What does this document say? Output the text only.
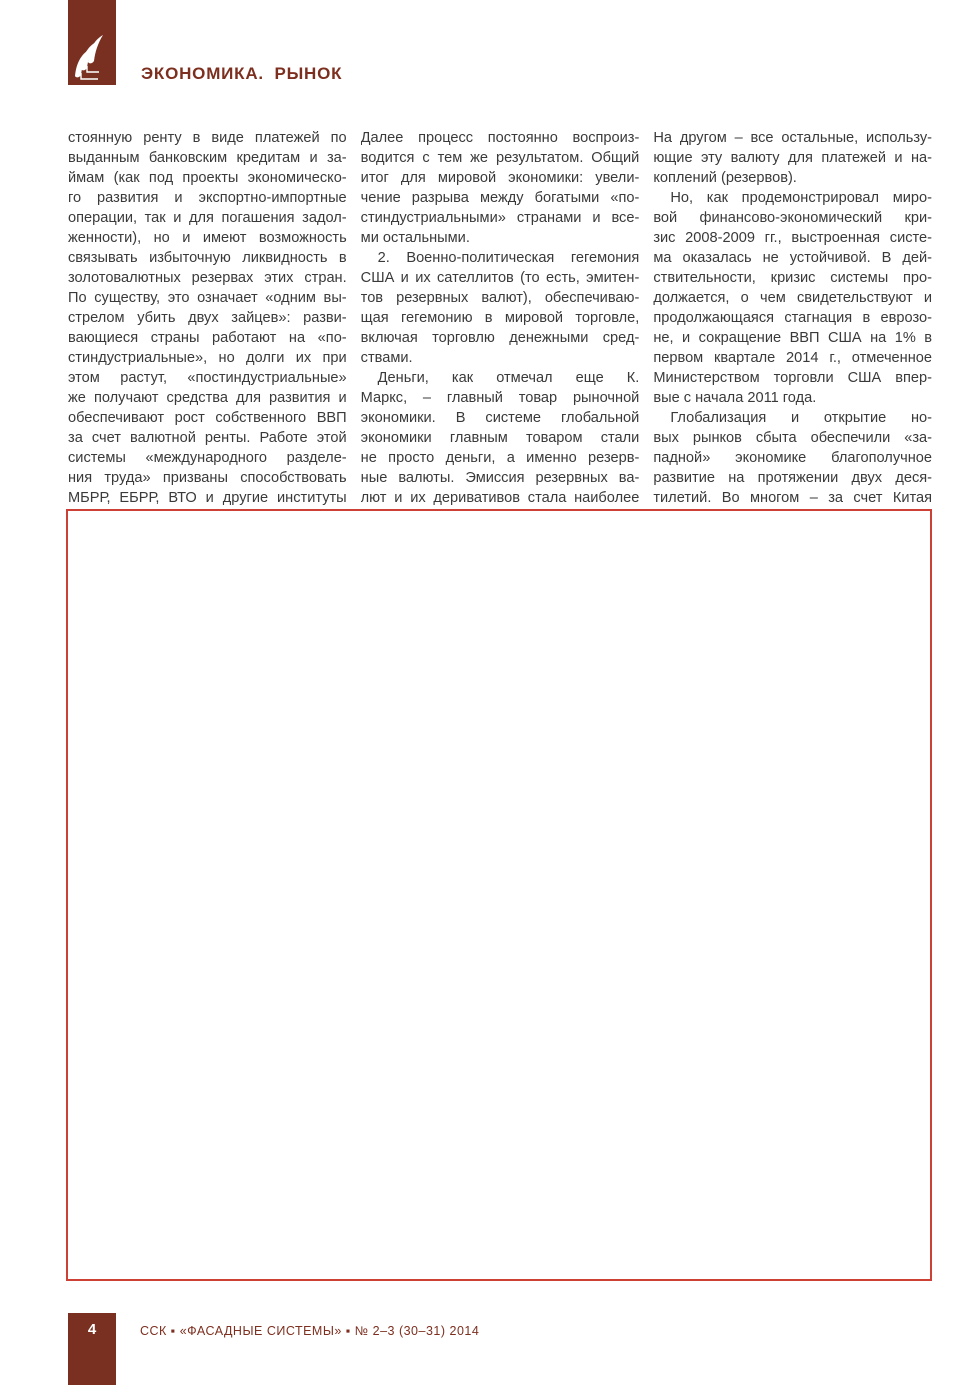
ЭКОНОМИКА. РЫНОК
стоянную ренту в виде платежей по
выданным банковским кредитам и за-
ймам (как под проекты экономическо-
го развития и экспортно-импортные
операции, так и для погашения задол-
женности), но и имеют возможность
связывать избыточную ликвидность в
золотовалютных резервах этих стран.
По существу, это означает «одним вы-
стрелом убить двух зайцев»: разви-
вающиеся страны работают на «по-
стиндустриальные», но долги их при
этом растут, «постиндустриальные»
же получают средства для развития и
обеспечивают рост собственного ВВП
за счет валютной ренты. Работе этой
системы «международного разделе-
ния труда» призваны способствовать
МБРР, ЕБРР, ВТО и другие институты
Далее процесс постоянно воспроиз-
водится с тем же результатом. Общий
итог для мировой экономики: увели-
чение разрыва между богатыми «по-
стиндустриальными» странами и все-
ми остальными.
2. Военно-политическая гегемония
США и их сателлитов (то есть, эмитен-
тов резервных валют), обеспечиваю-
щая гегемонию в мировой торговле,
включая торговлю денежными сред-
ствами.
Деньги, как отмечал еще К.
Маркс, – главный товар рыночной
экономики. В системе глобальной
экономики главным товаром стали
не просто деньги, а именно резерв-
ные валюты. Эмиссия резервных ва-
лют и их деривативов стала наиболее
На другом – все остальные, использу-
ющие эту валюту для платежей и на-
коплений (резервов).
Но, как продемонстрировал миро-
вой финансово-экономический кри-
зис 2008-2009 гг., выстроенная систе-
ма оказалась не устойчивой. В дей-
ствительности, кризис системы про-
должается, о чем свидетельствуют и
продолжающаяся стагнация в еврозо-
не, и сокращение ВВП США на 1% в
первом квартале 2014 г., отмеченное
Министерством торговли США впер-
вые с начала 2011 года.
Глобализация и открытие но-
вых рынков сбыта обеспечили «за-
падной» экономике благополучное
развитие на протяжении двух деся-
тилетий. Во многом – за счет Китая
4	ССК ▪ «ФАСАДНЫЕ СИСТЕМЫ» ▪ № 2–3 (30–31) 2014
